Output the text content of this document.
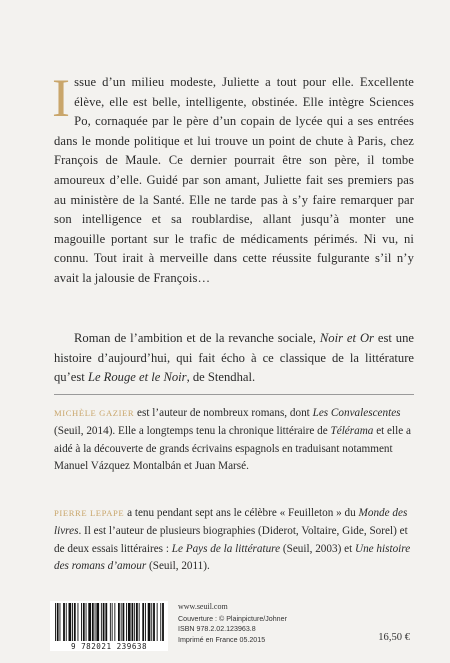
Issue d’un milieu modeste, Juliette a tout pour elle. Excellente élève, elle est belle, intelligente, obstinée. Elle intègre Sciences Po, cornaquée par le père d’un copain de lycée qui a ses entrées dans le monde politique et lui trouve un point de chute à Paris, chez François de Maule. Ce dernier pourrait être son père, il tombe amoureux d’elle. Guidé par son amant, Juliette fait ses premiers pas au ministère de la Santé. Elle ne tarde pas à s’y faire remarquer par son intelligence et sa roublardise, allant jusqu’à monter une magouille portant sur le trafic de médicaments périmés. Ni vu, ni connu. Tout irait à merveille dans cette réussite fulgurante s’il n’y avait la jalousie de François…

Roman de l’ambition et de la revanche sociale, Noir et Or est une histoire d’aujourd’hui, qui fait écho à ce classique de la littérature qu’est Le Rouge et le Noir, de Stendhal.

MICHÈLE GAZIER est l’auteur de nombreux romans, dont Les Convalescentes (Seuil, 2014). Elle a longtemps tenu la chronique littéraire de Télérama et elle a aidé à la découverte de grands écrivains espagnols en traduisant notamment Manuel Vázquez Montalbán et Juan Marsé.
PIERRE LEPAPE a tenu pendant sept ans le célèbre « Feuilleton » du Monde des livres. Il est l’auteur de plusieurs biographies (Diderot, Voltaire, Gide, Sorel) et de deux essais littéraires : Le Pays de la littérature (Seuil, 2003) et Une histoire des romans d’amour (Seuil, 2011).
9 782021 239638
www.seuil.com
Couverture : © Plainpicture/Johner
ISBN 978.2.02.123963.8
Imprimé en France 05.2015	16,50 €
